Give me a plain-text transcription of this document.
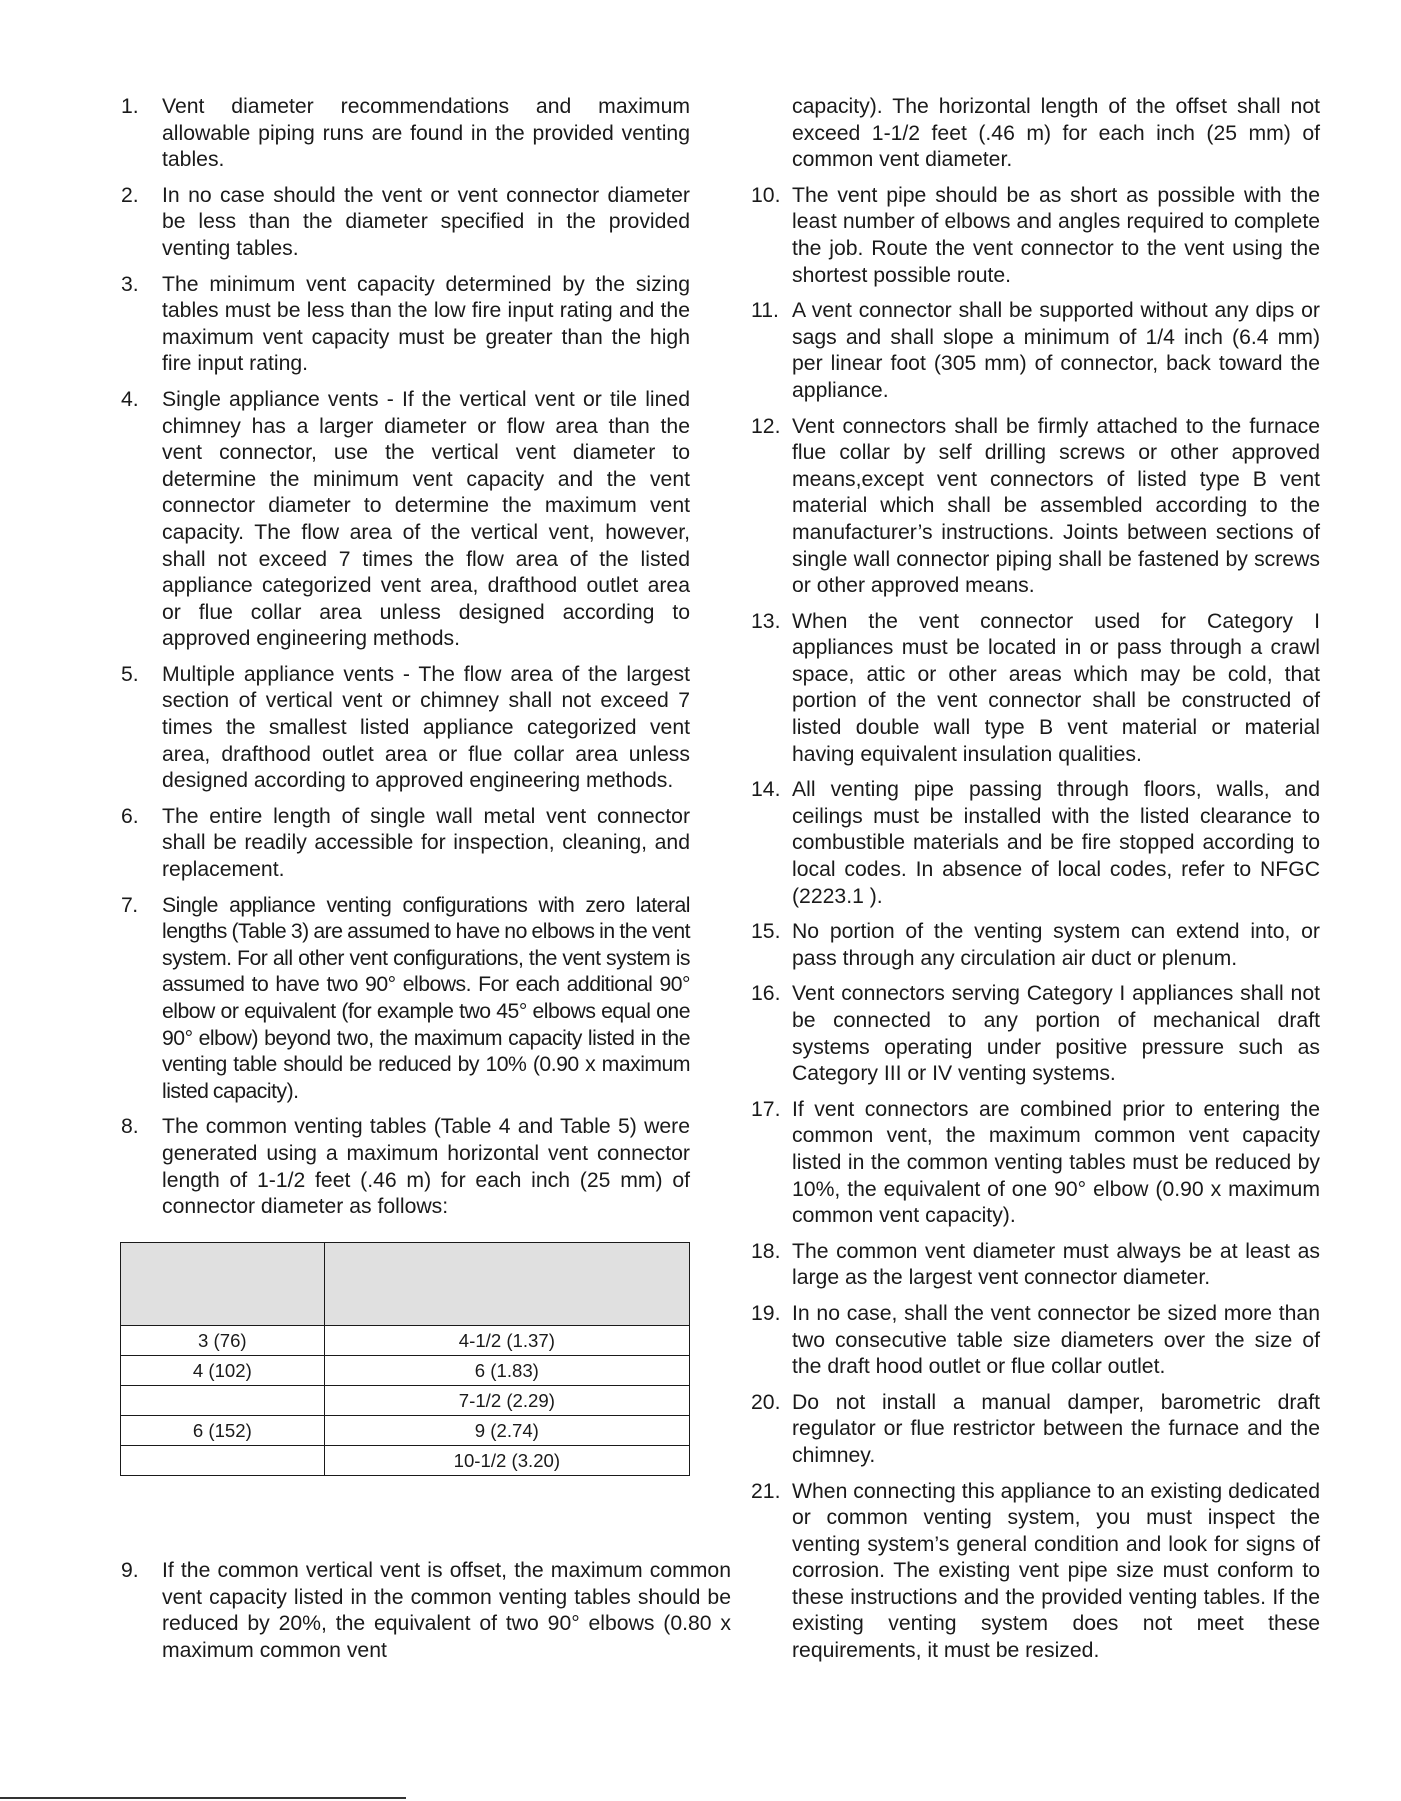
1. Vent diameter recommendations and maximum allowable piping runs are found in the provided venting tables.
2. In no case should the vent or vent connector diameter be less than the diameter specified in the provided venting tables.
3. The minimum vent capacity determined by the sizing tables must be less than the low fire input rating and the maximum vent capacity must be greater than the high fire input rating.
4. Single appliance vents - If the vertical vent or tile lined chimney has a larger diameter or flow area than the vent connector, use the vertical vent diameter to determine the minimum vent capacity and the vent connector diameter to determine the maximum vent capacity. The flow area of the vertical vent, however, shall not exceed 7 times the flow area of the listed appliance categorized vent area, drafthood outlet area or flue collar area unless designed according to approved engineering methods.
5. Multiple appliance vents - The flow area of the largest section of vertical vent or chimney shall not exceed 7 times the smallest listed appliance categorized vent area, drafthood outlet area or flue collar area unless designed according to approved engineering methods.
6. The entire length of single wall metal vent connector shall be readily accessible for inspection, cleaning, and replacement.
7. Single appliance venting configurations with zero lateral lengths (Table 3) are assumed to have no elbows in the vent system. For all other vent configurations, the vent system is assumed to have two 90° elbows. For each additional 90° elbow or equivalent (for example two 45° elbows equal one 90° elbow) beyond two, the maximum capacity listed in the venting table should be reduced by 10% (0.90 x maximum listed capacity).
8. The common venting tables (Table 4 and Table 5) were generated using a maximum horizontal vent connector length of 1-1/2 feet (.46 m) for each inch (25 mm) of connector diameter as follows:

3 (76)	4-1/2 (1.37)
4 (102)	6 (1.83)
	7-1/2 (2.29)
6 (152)	9 (2.74)
	10-1/2 (3.20)
9. If the common vertical vent is offset, the maximum common vent capacity listed in the common venting tables should be reduced by 20%, the equivalent of two 90° elbows (0.80 x maximum common vent
capacity). The horizontal length of the offset shall not exceed 1-1/2 feet (.46 m) for each inch (25 mm) of common vent diameter.
10. The vent pipe should be as short as possible with the least number of elbows and angles required to complete the job. Route the vent connector to the vent using the shortest possible route.
11. A vent connector shall be supported without any dips or sags and shall slope a minimum of 1/4 inch (6.4 mm) per linear foot (305 mm) of connector, back toward the appliance.
12. Vent connectors shall be firmly attached to the furnace flue collar by self drilling screws or other approved means,except vent connectors of listed type B vent material which shall be assembled according to the manufacturer’s instructions. Joints between sections of single wall connector piping shall be fastened by screws or other approved means.
13. When the vent connector used for Category I appliances must be located in or pass through a crawl space, attic or other areas which may be cold, that portion of the vent connector shall be constructed of listed double wall type B vent material or material having equivalent insulation qualities.
14. All venting pipe passing through floors, walls, and ceilings must be installed with the listed clearance to combustible materials and be fire stopped according to local codes. In absence of local codes, refer to NFGC (2223.1 ).
15. No portion of the venting system can extend into, or pass through any circulation air duct or plenum.
16. Vent connectors serving Category I appliances shall not be connected to any portion of mechanical draft systems operating under positive pressure such as Category III or IV venting systems.
17. If vent connectors are combined prior to entering the common vent, the maximum common vent capacity listed in the common venting tables must be reduced by 10%, the equivalent of one 90° elbow (0.90 x maximum common vent capacity).
18. The common vent diameter must always be at least as large as the largest vent connector diameter.
19. In no case, shall the vent connector be sized more than two consecutive table size diameters over the size of the draft hood outlet or flue collar outlet.
20. Do not install a manual damper, barometric draft regulator or flue restrictor between the furnace and the chimney.
21. When connecting this appliance to an existing dedicated or common venting system, you must inspect the venting system’s general condition and look for signs of corrosion. The existing vent pipe size must conform to these instructions and the provided venting tables. If the existing venting system does not meet these requirements, it must be resized.
